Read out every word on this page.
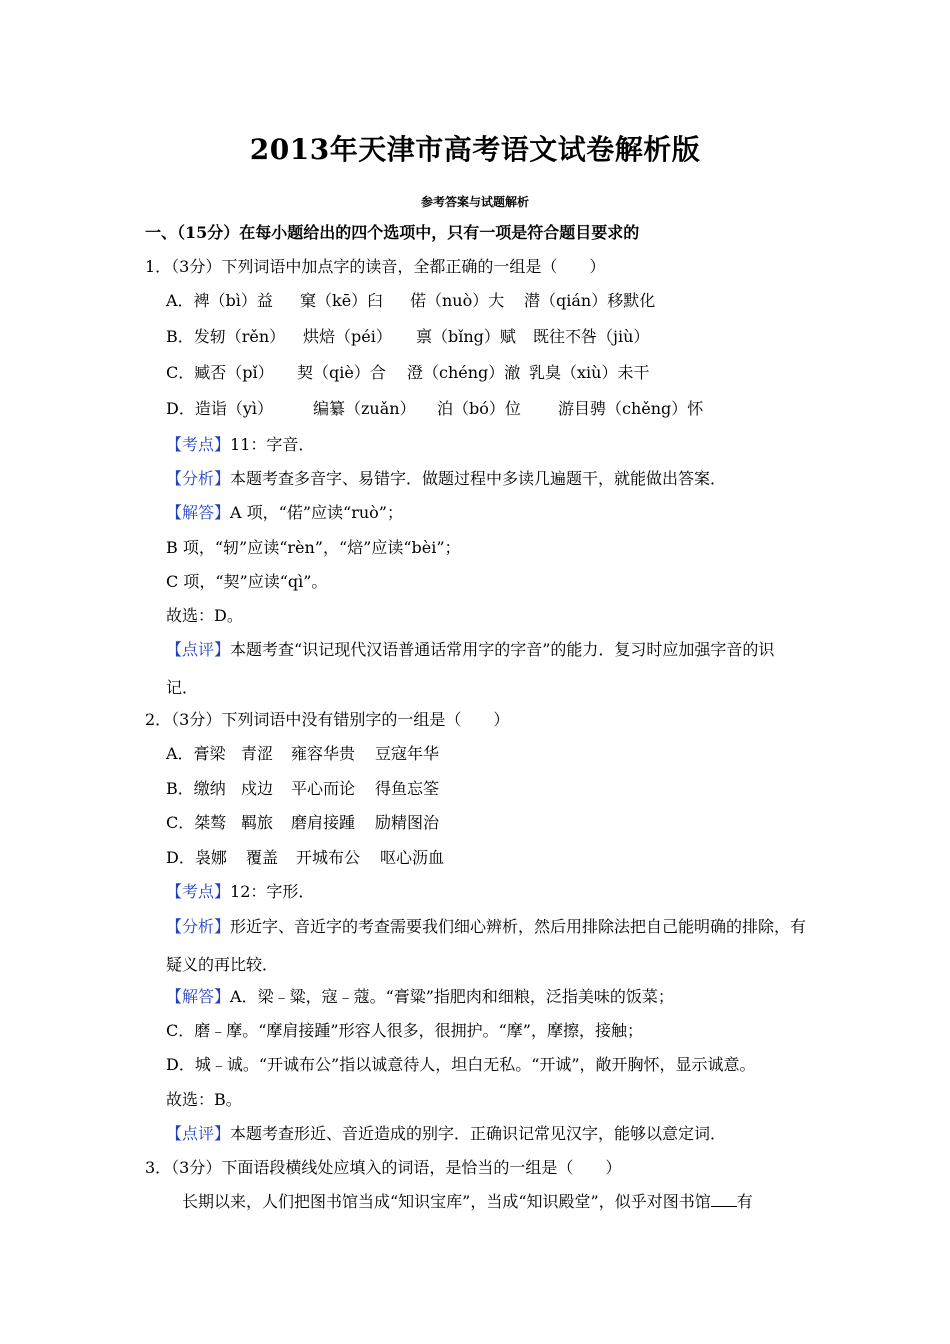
2013年天津市高考语文试卷解析版
参考答案与试题解析
一、（15分）在每小题给出的四个选项中，只有一项是符合题目要求的
1．（3分）下列词语中加点字的读音，全都正确的一组是（　　）
A．裨（bì）益 窠（kē）臼 偌（nuò）大 潜（qián）移默化
B．发轫（rěn） 烘焙（péi） 禀（bǐng）赋 既往不咎（jiù）
C．臧否（pǐ） 契（qiè）合 澄（chéng）澈 乳臭（xiù）未干
D．造诣（yì）	编纂（zuǎn） 泊（bó）位 游目骋（chěng）怀
【考点】11：字音．
【分析】本题考查多音字、易错字．做题过程中多读几遍题干，就能做出答案．
【解答】A 项，“偌”应读“ruò”；
B 项，“轫”应读“rèn”，“焙”应读“bèi”；
C 项，“契”应读“qì”。
故选：D。
【点评】本题考查“识记现代汉语普通话常用字的字音”的能力．复习时应加强字音的识
记．
2．（3分）下列词语中没有错别字的一组是（　　）
A．膏梁 青涩 雍容华贵 豆寇年华
B．缴纳 戍边 平心而论 得鱼忘筌
C．桀骜 羁旅 磨肩接踵 励精图治
D．袅娜 覆盖 开城布公 呕心沥血
【考点】12：字形．
【分析】形近字、音近字的考查需要我们细心辨析，然后用排除法把自己能明确的排除，有
疑义的再比较．
【解答】A．梁﹣粱，寇﹣蔻。“膏粱”指肥肉和细粮，泛指美味的饭菜；
C．磨﹣摩。“摩肩接踵”形容人很多，很拥护。“摩”，摩擦，接触；
D．城﹣诚。“开诚布公”指以诚意待人，坦白无私。“开诚”，敞开胸怀，显示诚意。
故选：B。
【点评】本题考查形近、音近造成的别字．正确识记常见汉字，能够以意定词．
3．（3分）下面语段横线处应填入的词语，是恰当的一组是（　　）
长期以来，人们把图书馆当成“知识宝库”，当成“知识殿堂”，似乎对图书馆 有
